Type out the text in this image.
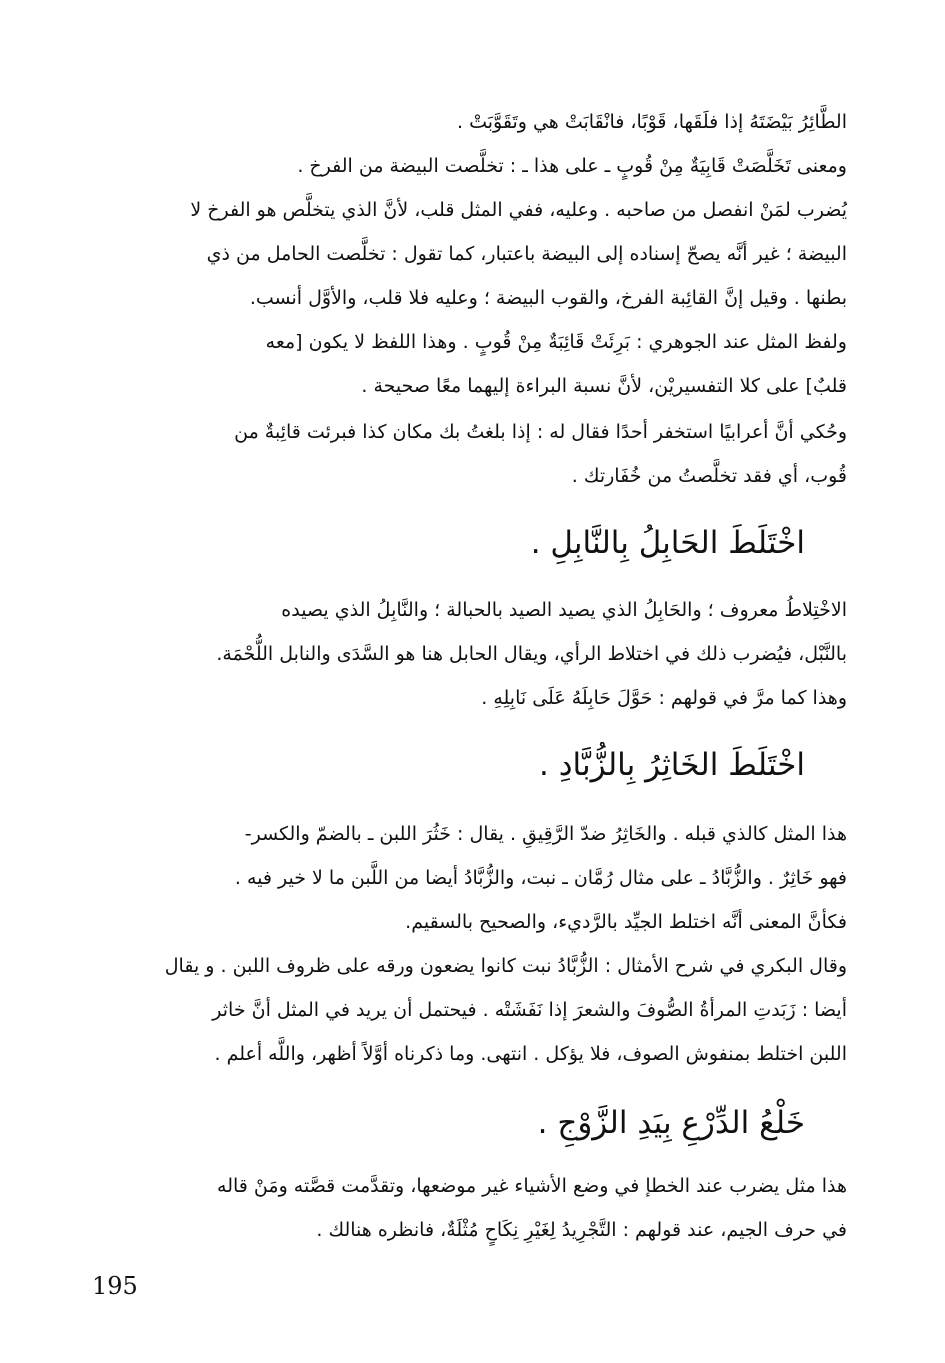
الطَّائِرُ بَيْضَتَهُ إذا فلَقَها، قَوْبًا، فانْقَابَتْ هي وتَقَوَّبَتْ .
ومعنى تَخَلَّصَتْ قَابِيَةٌ مِنْ قُوبٍ ـ على هذا ـ : تخلَّصت البيضة من الفرخ .
يُضرب لمَنْ انفصل من صاحبه . وعليه، ففي المثل قلب، لأنَّ الذي يتخلَّص هو الفرخ لا
البيضة ؛ غير أنَّه يصحّ إسناده إلى البيضة باعتبار، كما تقول : تخلَّصت الحامل من ذي
بطنها . وقيل إنَّ القائِبة الفرخ، والقوب البيضة ؛ وعليه فلا قلب، والأوَّل أنسب.
ولفظ المثل عند الجوهري : بَرِئَتْ قَائِبَةٌ مِنْ قُوبٍ . وهذا اللفظ لا يكون [معه
قلبٌ] على كلا التفسيريْن، لأنَّ نسبة البراءة إليهما معًا صحيحة .
وحُكي أنَّ أعرابيًا استخفر أحدًا فقال له : إذا بلغتُ بك مكان كذا فبرئت قائِبةٌ من
قُوب، أي فقد تخلَّصتُ من خُفَارتك .
اخْتَلَطَ الحَابِلُ بِالنَّابِلِ .
الاخْتِلاطُ معروف ؛ والحَابِلُ الذي يصيد الصيد بالحبالة ؛ والنَّابِلُ الذي يصيده
بالنَّبْل، فيُضرب ذلك في اختلاط الرأي، ويقال الحابل هنا هو السَّدَى والنابل اللُّحْمَة.
وهذا كما مرَّ في قولهم : حَوَّلَ حَابِلَهُ عَلَى نَابِلِهِ .
اخْتَلَطَ الخَاثِرُ بِالزُّبَّادِ .
هذا المثل كالذي قبله . والخَاثِرُ ضدّ الرَّقِيقِ . يقال : خَثُرَ اللبن ـ بالضمّ والكسر-
فهو خَاثِرٌ . والزُّبَّادُ ـ على مثال رُمَّان ـ نبت، والزُّبَّادُ أيضا من اللَّبن ما لا خير فيه .
فكأنَّ المعنى أنَّه اختلط الجيِّد بالرَّديء، والصحيح بالسقيم.
وقال البكري في شرح الأمثال : الزُّبَّادُ نبت كانوا يضعون ورقه على ظروف اللبن . و يقال
أيضا : زَبَدتِ المرأةُ الصُّوفَ والشعرَ إذا نَفَشَتْه . فيحتمل أن يريد في المثل أنَّ خاثر
اللبن اختلط بمنفوش الصوف، فلا يؤكل . انتهى. وما ذكرناه أوَّلاً أظهر، واللَّه أعلم .
خَلْعُ الدِّرْعِ بِيَدِ الزَّوْجِ .
هذا مثل يضرب عند الخطإ في وضع الأشياء غير موضعها، وتقدَّمت قصَّته ومَنْ قاله
في حرف الجيم، عند قولهم : التَّجْرِيدُ لِغَيْرِ نِكَاحٍ مُثْلَةٌ، فانظره هنالك .
195
